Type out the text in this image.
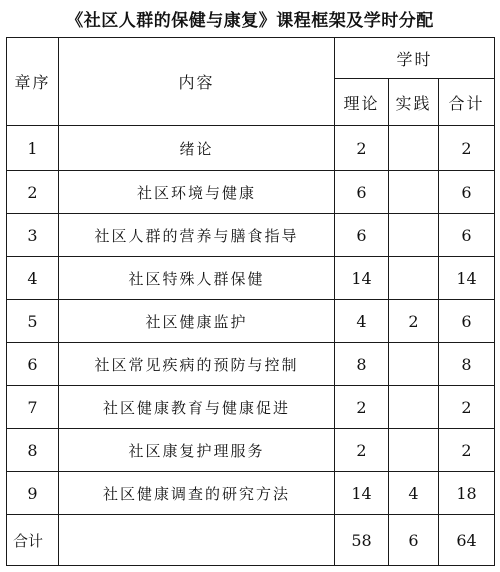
《社区人群的保健与康复》课程框架及学时分配
章序	内容	学时		
		理论	实践	合计
1	绪论	2		2
2	社区环境与健康	6		6
3	社区人群的营养与膳食指导	6		6
4	社区特殊人群保健	14		14
5	社区健康监护	4	2	6
6	社区常见疾病的预防与控制	8		8
7	社区健康教育与健康促进	2		2
8	社区康复护理服务	2		2
9	社区健康调查的研究方法	14	4	18
合计		58	6	64
